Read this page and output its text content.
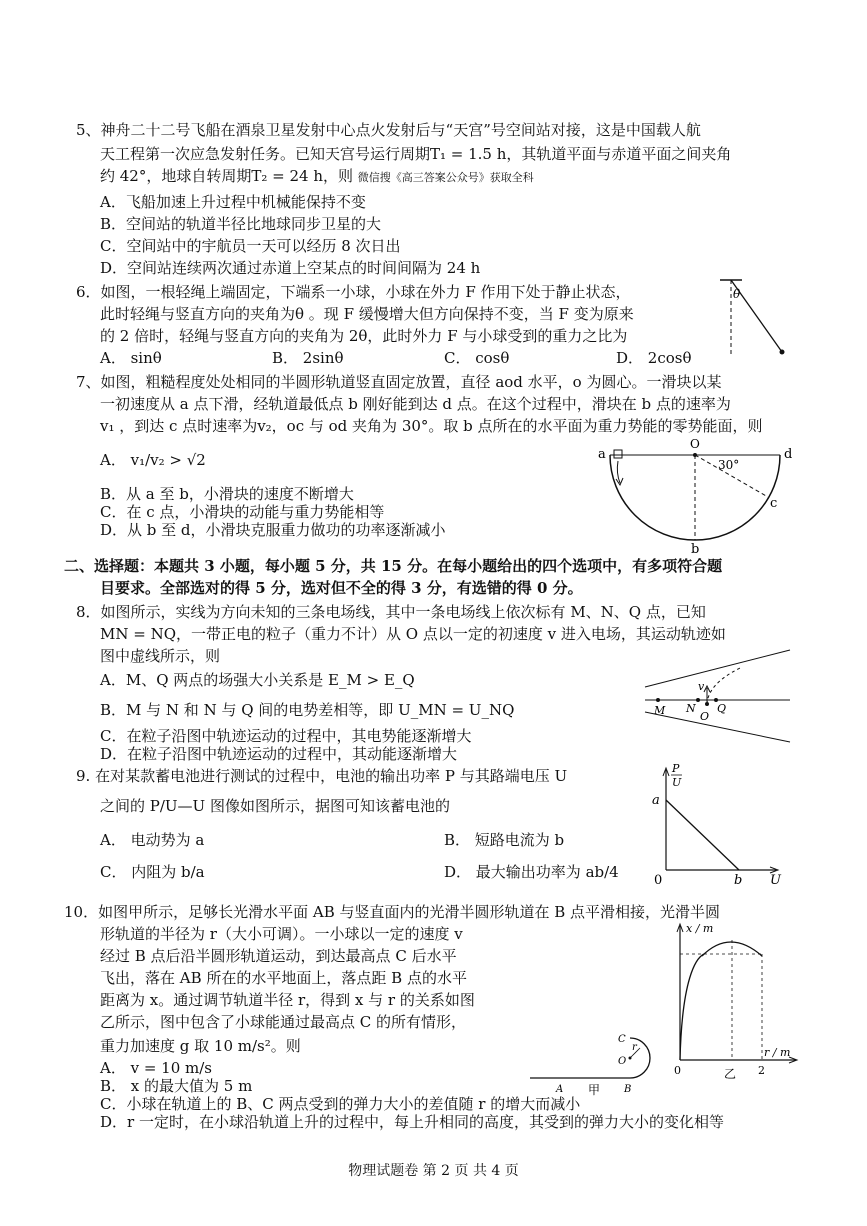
5、神舟二十二号飞船在酒泉卫星发射中心点火发射后与“天宫”号空间站对接，这是中国载人航
天工程第一次应急发射任务。已知天宫号运行周期T₁ = 1.5 h，其轨道平面与赤道平面之间夹角
约 42°，地球自转周期T₂ = 24 h，则 微信搜《高三答案公众号》获取全科
A．飞船加速上升过程中机械能保持不变
B．空间站的轨道半径比地球同步卫星的大
C．空间站中的宇航员一天可以经历 8 次日出
D．空间站连续两次通过赤道上空某点的时间间隔为 24 h
6．如图，一根轻绳上端固定，下端系一小球，小球在外力 F 作用下处于静止状态，
此时轻绳与竖直方向的夹角为θ 。现 F 缓慢增大但方向保持不变，当 F 变为原来
的 2 倍时，轻绳与竖直方向的夹角为 2θ，此时外力 F 与小球受到的重力之比为
A． sinθ	B． 2sinθ	C． cosθ	D． 2cosθ
θ
7、如图，粗糙程度处处相同的半圆形轨道竖直固定放置，直径 aod 水平，o 为圆心。一滑块以某
一初速度从 a 点下滑，经轨道最低点 b 刚好能到达 d 点。在这个过程中，滑块在 b 点的速率为
v₁ ，到达 c 点时速率为v₂，oc 与 od 夹角为 30°。取 b 点所在的水平面为重力势能的零势能面，则
A． v₁/v₂ > √2
B．从 a 至 b，小滑块的速度不断增大
C．在 c 点，小滑块的动能与重力势能相等
D．从 b 至 d，小滑块克服重力做功的功率逐渐减小
a
O
d
c
b
30°
二、选择题：本题共 3 小题，每小题 5 分，共 15 分。在每小题给出的四个选项中，有多项符合题
目要求。全部选对的得 5 分，选对但不全的得 3 分，有选错的得 0 分。
8．如图所示，实线为方向未知的三条电场线，其中一条电场线上依次标有 M、N、Q 点，已知
MN = NQ，一带正电的粒子（重力不计）从 O 点以一定的初速度 v 进入电场，其运动轨迹如
图中虚线所示，则
A．M、Q 两点的场强大小关系是 E_M > E_Q
B．M 与 N 和 N 与 Q 间的电势差相等，即 U_MN = U_NQ
C．在粒子沿图中轨迹运动的过程中，其电势能逐渐增大
D．在粒子沿图中轨迹运动的过程中，其动能逐渐增大
M N Q
O
v
9. 在对某款蓄电池进行测试的过程中，电池的输出功率 P 与其路端电压 U
之间的 P/U—U 图像如图所示，据图可知该蓄电池的
A． 电动势为 a	B． 短路电流为 b
C． 内阻为 b/a	D． 最大输出功率为 ab/4
P
U
a
0	b U
10．如图甲所示，足够长光滑水平面 AB 与竖直面内的光滑半圆形轨道在 B 点平滑相接，光滑半圆
形轨道的半径为 r（大小可调）。一小球以一定的速度 v
经过 B 点后沿半圆形轨道运动，到达最高点 C 后水平
飞出，落在 AB 所在的水平地面上，落点距 B 点的水平
距离为 x。通过调节轨道半径 r，得到 x 与 r 的关系如图
乙所示，图中包含了小球能通过最高点 C 的所有情形，
重力加速度 g 取 10 m/s²。则
A． v = 10 m/s
B． x 的最大值为 5 m
C．小球在轨道上的 B、C 两点受到的弹力大小的差值随 r 的增大而减小
D．r 一定时，在小球沿轨道上升的过程中，每上升相同的高度，其受到的弹力大小的变化相等
C
O
r
A	B
甲
x / m
r / m
0	2
乙
物理试题卷 第 2 页 共 4 页
